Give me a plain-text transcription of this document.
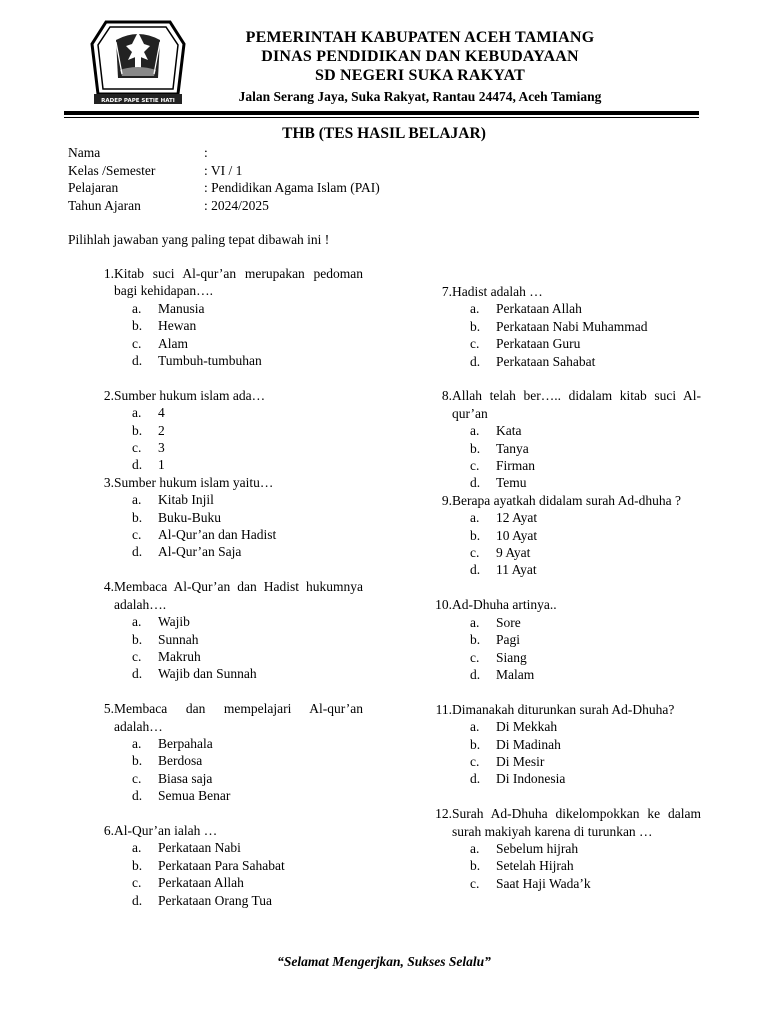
RADEP PAPE SETIE HATI
PEMERINTAH KABUPATEN ACEH TAMIANG
DINAS PENDIDIKAN DAN KEBUDAYAAN
SD NEGERI SUKA RAKYAT
Jalan Serang Jaya, Suka Rakyat, Rantau 24474, Aceh Tamiang
THB (TES HASIL BELAJAR)
Nama	:
Kelas /Semester	: VI / 1
Pelajaran	: Pendidikan Agama Islam (PAI)
Tahun Ajaran	: 2024/2025
Pilihlah jawaban yang paling tepat dibawah ini !
1. Kitab suci Al-qur’an merupakan pedoman bagi kehidapan….
a.	Manusia
b.	Hewan
c.	Alam
d.	Tumbuh-tumbuhan
2. Sumber hukum islam ada…
a.	4
b.	2
c.	3
d.	1
3. Sumber hukum islam yaitu…
a.	Kitab Injil
b.	Buku-Buku
c.	Al-Qur’an dan Hadist
d.	Al-Qur’an Saja
4. Membaca Al-Qur’an dan Hadist hukumnya adalah….
a.	Wajib
b.	Sunnah
c.	Makruh
d.	Wajib dan Sunnah
5. Membaca dan mempelajari Al-qur’an adalah…
a.	Berpahala
b.	Berdosa
c.	Biasa saja
d.	Semua Benar
6. Al-Qur’an ialah …
a.	Perkataan Nabi
b.	Perkataan Para Sahabat
c.	Perkataan Allah
d.	Perkataan Orang Tua
7. Hadist adalah …
a.	Perkataan Allah
b.	Perkataan Nabi Muhammad
c.	Perkataan Guru
d.	Perkataan Sahabat
8. Allah telah ber….. didalam kitab suci Al-qur’an
a.	Kata
b.	Tanya
c.	Firman
d.	Temu
9. Berapa ayatkah didalam surah Ad-dhuha ?
a.	12 Ayat
b.	10 Ayat
c.	9 Ayat
d.	11 Ayat
10. Ad-Dhuha artinya..
a.	Sore
b.	Pagi
c.	Siang
d.	Malam
11. Dimanakah diturunkan surah Ad-Dhuha?
a.	Di Mekkah
b.	Di Madinah
c.	Di Mesir
d.	Di Indonesia
12. Surah Ad-Dhuha dikelompokkan ke dalam surah makiyah karena di turunkan …
a.	Sebelum hijrah
b.	Setelah Hijrah
c.	Saat Haji Wada’k
“Selamat Mengerjkan, Sukses Selalu”
